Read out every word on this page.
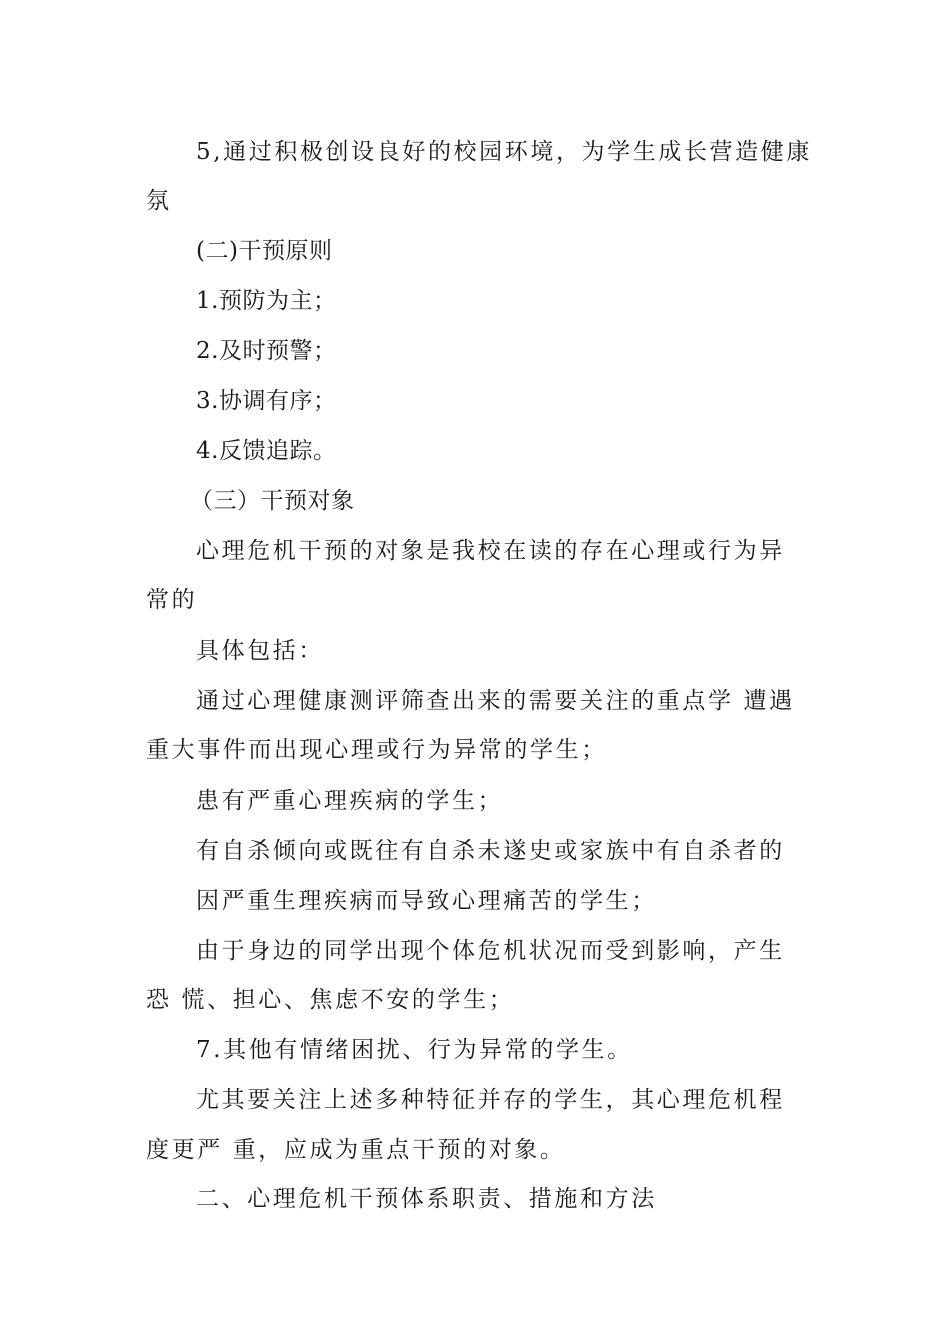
5,通过积极创设良好的校园环境，为学生成长营造健康
氛
(二)干预原则
1.预防为主；
2.及时预警；
3.协调有序；
4.反馈追踪。
（三）干预对象
心理危机干预的对象是我校在读的存在心理或行为异
常的
具体包括：
通过心理健康测评筛查出来的需要关注的重点学 遭遇
重大事件而出现心理或行为异常的学生；
患有严重心理疾病的学生；
有自杀倾向或既往有自杀未遂史或家族中有自杀者的
因严重生理疾病而导致心理痛苦的学生；
由于身边的同学出现个体危机状况而受到影响，产生
恐 慌、担心、焦虑不安的学生；
7.其他有情绪困扰、行为异常的学生。
尤其要关注上述多种特征并存的学生，其心理危机程
度更严 重，应成为重点干预的对象。
二、心理危机干预体系职责、措施和方法
